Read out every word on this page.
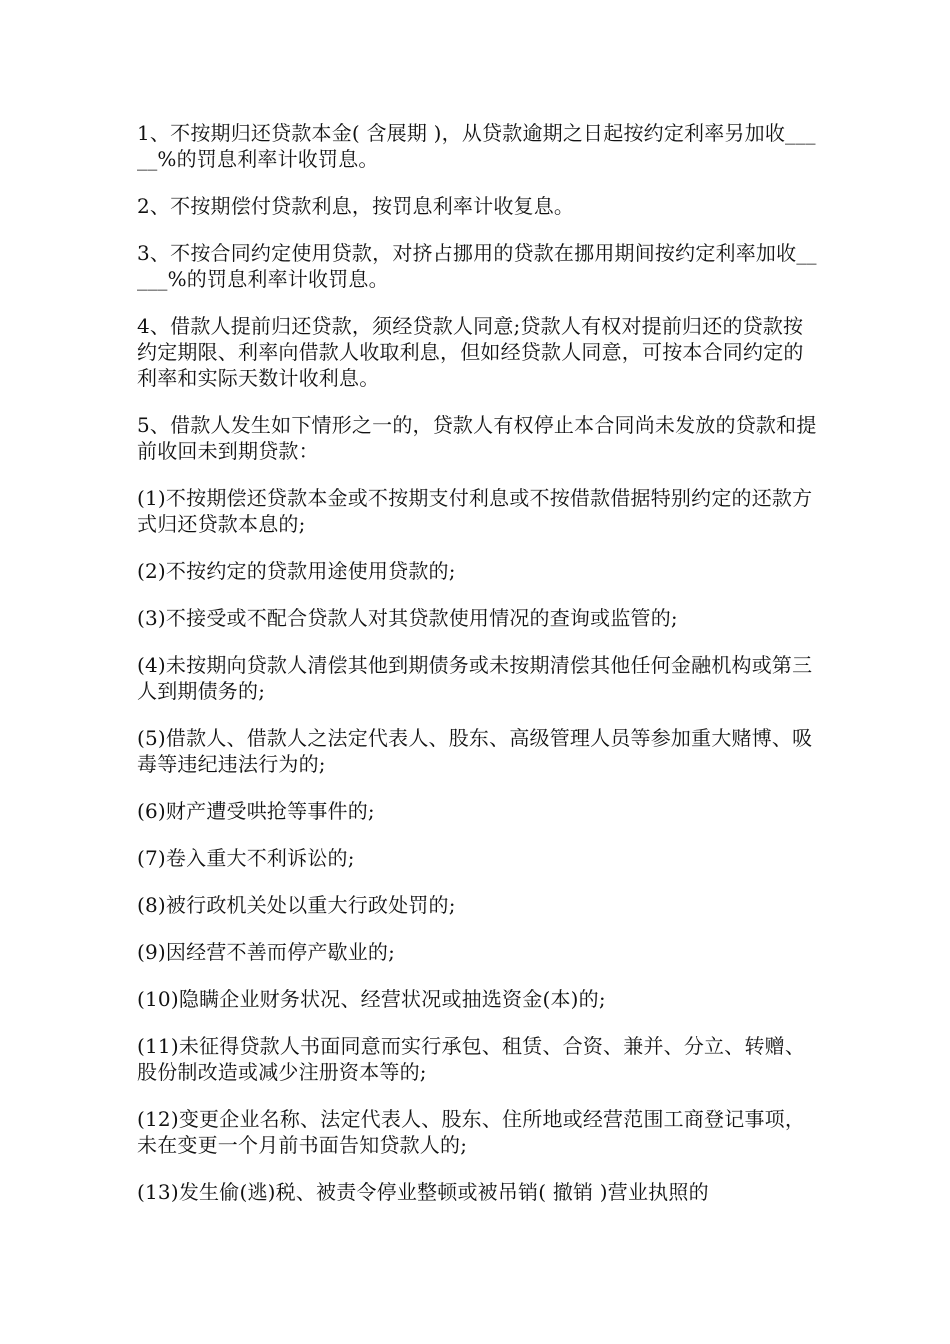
1、不按期归还贷款本金( 含展期 )，从贷款逾期之日起按约定利率另加收_____%的罚息利率计收罚息。

2、不按期偿付贷款利息，按罚息利率计收复息。

3、不按合同约定使用贷款，对挤占挪用的贷款在挪用期间按约定利率加收_____%的罚息利率计收罚息。

4、借款人提前归还贷款，须经贷款人同意;贷款人有权对提前归还的贷款按约定期限、利率向借款人收取利息，但如经贷款人同意，可按本合同约定的利率和实际天数计收利息。

5、借款人发生如下情形之一的，贷款人有权停止本合同尚未发放的贷款和提前收回未到期贷款：

(1)不按期偿还贷款本金或不按期支付利息或不按借款借据特别约定的还款方式归还贷款本息的;

(2)不按约定的贷款用途使用贷款的;

(3)不接受或不配合贷款人对其贷款使用情况的查询或监管的;

(4)未按期向贷款人清偿其他到期债务或未按期清偿其他任何金融机构或第三人到期债务的;

(5)借款人、借款人之法定代表人、股东、高级管理人员等参加重大赌博、吸毒等违纪违法行为的;

(6)财产遭受哄抢等事件的;

(7)卷入重大不利诉讼的;

(8)被行政机关处以重大行政处罚的;

(9)因经营不善而停产歇业的;

(10)隐瞒企业财务状况、经营状况或抽选资金(本)的;

(11)未征得贷款人书面同意而实行承包、租赁、合资、兼并、分立、转赠、股份制改造或减少注册资本等的;

(12)变更企业名称、法定代表人、股东、住所地或经营范围工商登记事项，未在变更一个月前书面告知贷款人的;

(13)发生偷(逃)税、被责令停业整顿或被吊销( 撤销 )营业执照的
